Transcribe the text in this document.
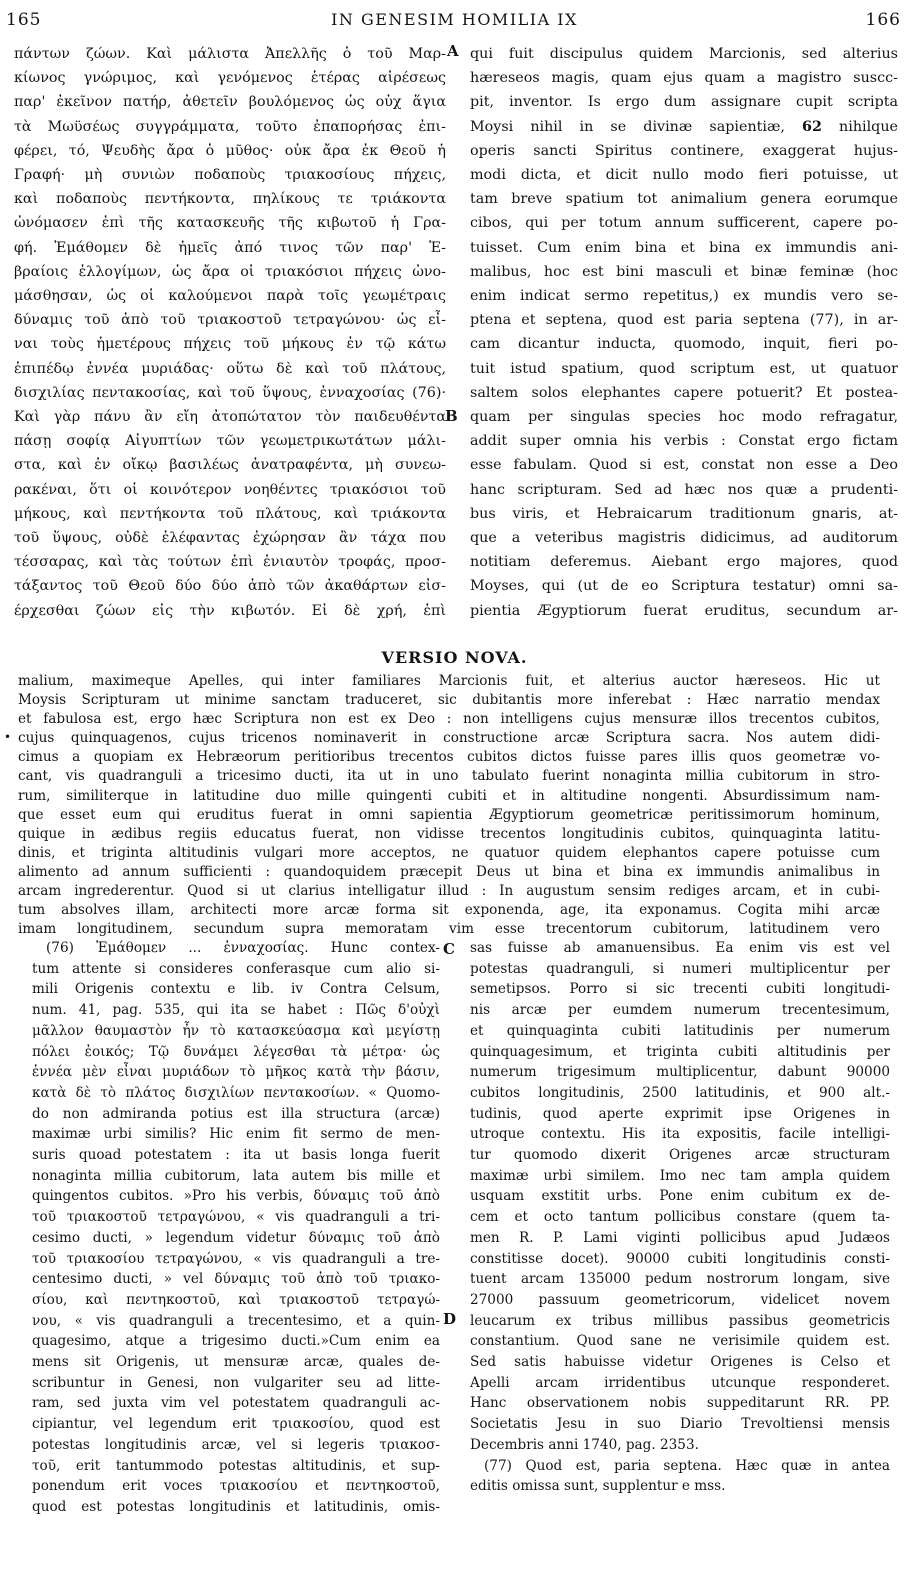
165	IN GENESIM HOMILIA IX	166

πάντων ζώων. Καὶ μάλιστα Ἀπελλῆς ὁ τοῦ Μαρ-

κίωνος γνώριμος, καὶ γενόμενος ἑτέρας αἱρέσεως

παρ' ἐκεῖνον πατήρ, ἀθετεῖν βουλόμενος ὡς οὐχ ἅγια

τὰ Μωϋσέως συγγράμματα, τοῦτο ἐπαπορήσας ἐπι-

φέρει, τό, Ψευδὴς ἄρα ὁ μῦθος· οὐκ ἄρα ἐκ Θεοῦ ἡ

Γραφή· μὴ συνιὼν ποδαποὺς τριακοσίους πήχεις,

καὶ ποδαποὺς πεντήκοντα, πηλίκους τε τριάκοντα

ὠνόμασεν ἐπὶ τῆς κατασκευῆς τῆς κιβωτοῦ ἡ Γρα-

φή. Ἐμάθομεν δὲ ἡμεῖς ἀπό τινος τῶν παρ' Ἑ-

βραίοις ἐλλογίμων, ὡς ἄρα οἱ τριακόσιοι πήχεις ὠνο-

μάσθησαν, ὡς οἱ καλούμενοι παρὰ τοῖς γεωμέτραις

δύναμις τοῦ ἀπὸ τοῦ τριακοστοῦ τετραγώνου· ὡς εἶ-

ναι τοὺς ἡμετέρους πήχεις τοῦ μήκους ἐν τῷ κάτω

ἐπιπέδῳ ἐννέα μυριάδας· οὕτω δὲ καὶ τοῦ πλάτους,

δισχιλίας πεντακοσίας, καὶ τοῦ ὕψους, ἐνναχοσίας (76)·

Καὶ γὰρ πάνυ ἂν εἴη ἀτοπώτατον τὸν παιδευθέντα

πάσῃ σοφίᾳ Αἰγυπτίων τῶν γεωμετρικωτάτων μάλι-

στα, καὶ ἐν οἴκῳ βασιλέως ἀνατραφέντα, μὴ συνεω-

ρακέναι, ὅτι οἱ κοινότερον νοηθέντες τριακόσιοι τοῦ

μήκους, καὶ πεντήκοντα τοῦ πλάτους, καὶ τριάκοντα

τοῦ ὕψους, οὐδὲ ἐλέφαντας ἐχώρησαν ἂν τάχα που

τέσσαρας, καὶ τὰς τούτων ἐπὶ ἐνιαυτὸν τροφάς, προσ-

τάξαντος τοῦ Θεοῦ δύο δύο ἀπὸ τῶν ἀκαθάρτων εἰσ-

έρχεσθαι ζώων εἰς τὴν κιβωτόν. Εἰ δὲ χρή, ἐπὶ

qui fuit discipulus quidem Marcionis, sed alterius

hæreseos magis, quam ejus quam a magistro suscc-

pit, inventor. Is ergo dum assignare cupit scripta

Moysi nihil in se divinæ sapientiæ, 62 nihilque

operis sancti Spiritus continere, exaggerat hujus-

modi dicta, et dicit nullo modo fieri potuisse, ut

tam breve spatium tot animalium genera eorumque

cibos, qui per totum annum sufficerent, capere po-

tuisset. Cum enim bina et bina ex immundis ani-

malibus, hoc est bini masculi et binæ feminæ (hoc

enim indicat sermo repetitus,) ex mundis vero se-

ptena et septena, quod est paria septena (77), in ar-

cam dicantur inducta, quomodo, inquit, fieri po-

tuit istud spatium, quod scriptum est, ut quatuor

saltem solos elephantes capere potuerit? Et postea-

quam per singulas species hoc modo refragatur,

addit super omnia his verbis : Constat ergo fictam

esse fabulam. Quod si est, constat non esse a Deo

hanc scripturam. Sed ad hæc nos quæ a prudenti-

bus viris, et Hebraicarum traditionum gnaris, at-

que a veteribus magistris didicimus, ad auditorum

notitiam deferemus. Aiebant ergo majores, quod

Moyses, qui (ut de eo Scriptura testatur) omni sa-

pientia Ægyptiorum fuerat eruditus, secundum ar-

A
B
VERSIO NOVA.
•

malium, maximeque Apelles, qui inter familiares Marcionis fuit, et alterius auctor hæreseos. Hic ut

Moysis Scripturam ut minime sanctam traduceret, sic dubitantis more inferebat : Hæc narratio mendax

et fabulosa est, ergo hæc Scriptura non est ex Deo : non intelligens cujus mensuræ illos trecentos cubitos,

cujus quinquagenos, cujus tricenos nominaverit in constructione arcæ Scriptura sacra. Nos autem didi-

cimus a quopiam ex Hebræorum peritioribus trecentos cubitos dictos fuisse pares illis quos geometræ vo-

cant, vis quadranguli a tricesimo ducti, ita ut in uno tabulato fuerint nonaginta millia cubitorum in stro-

rum, similiterque in latitudine duo mille quingenti cubiti et in altitudine nongenti. Absurdissimum nam-

que esset eum qui eruditus fuerat in omni sapientia Ægyptiorum geometricæ peritissimorum hominum,

quique in ædibus regiis educatus fuerat, non vidisse trecentos longitudinis cubitos, quinquaginta latitu-

dinis, et triginta altitudinis vulgari more acceptos, ne quatuor quidem elephantos capere potuisse cum

alimento ad annum sufficienti : quandoquidem præcepit Deus ut bina et bina ex immundis animalibus in

arcam ingrederentur. Quod si ut clarius intelligatur illud : In augustum sensim rediges arcam, et in cubi-

tum absolves illam, architecti more arcæ forma sit exponenda, age, ita exponamus. Cogita mihi arcæ

imam longitudinem, secundum supra memoratam vim esse trecentorum cubitorum, latitudinem vero

(76) Ἐμάθομεν ... ἐνναχοσίας. Hunc contex-

tum attente si consideres conferasque cum alio si-

mili Origenis contextu e lib. iv Contra Celsum,

num. 41, pag. 535, qui ita se habet : Πῶς δ'οὐχὶ

μᾶλλον θαυμαστὸν ἦν τὸ κατασκεύασμα καὶ μεγίστῃ

πόλει ἐοικός; Τῷ δυνάμει λέγεσθαι τὰ μέτρα· ὡς

ἐννέα μὲν εἶναι μυριάδων τὸ μῆκος κατὰ τὴν βάσιν,

κατὰ δὲ τὸ πλάτος δισχιλίων πεντακοσίων. « Quomo-

do non admiranda potius est illa structura (arcæ)

maximæ urbi similis? Hic enim fit sermo de men-

suris quoad potestatem : ita ut basis longa fuerit

nonaginta millia cubitorum, lata autem bis mille et

quingentos cubitos. »Pro his verbis, δύναμις τοῦ ἀπὸ

τοῦ τριακοστοῦ τετραγώνου, « vis quadranguli a tri-

cesimo ducti, » legendum videtur δύναμις τοῦ ἀπὸ

τοῦ τριακοσίου τετραγώνου, « vis quadranguli a tre-

centesimo ducti, » vel δύναμις τοῦ ἀπὸ τοῦ τριακο-

σίου, καὶ πεντηκοστοῦ, καὶ τριακοστοῦ τετραγώ-

νου, « vis quadranguli a trecentesimo, et a quin-

quagesimo, atque a trigesimo ducti.»Cum enim ea

mens sit Origenis, ut mensuræ arcæ, quales de-

scribuntur in Genesi, non vulgariter seu ad litte-

ram, sed juxta vim vel potestatem quadranguli ac-

cipiantur, vel legendum erit τριακοσίου, quod est

potestas longitudinis arcæ, vel si legeris τριακοσ-

τοῦ, erit tantummodo potestas altitudinis, et sup-

ponendum erit voces τριακοσίου et πεντηκοστοῦ,

quod est potestas longitudinis et latitudinis, omis-

C
D

sas fuisse ab amanuensibus. Ea enim vis est vel

potestas quadranguli, si numeri multiplicentur per

semetipsos. Porro si sic trecenti cubiti longitudi-

nis arcæ per eumdem numerum trecentesimum,

et quinquaginta cubiti latitudinis per numerum

quinquagesimum, et triginta cubiti altitudinis per

numerum trigesimum multiplicentur, dabunt 90000

cubitos longitudinis, 2500 latitudinis, et 900 alt.-

tudinis, quod aperte exprimit ipse Origenes in

utroque contextu. His ita expositis, facile intelligi-

tur quomodo dixerit Origenes arcæ structuram

maximæ urbi similem. Imo nec tam ampla quidem

usquam exstitit urbs. Pone enim cubitum ex de-

cem et octo tantum pollicibus constare (quem ta-

men R. P. Lami viginti pollicibus apud Judæos

constitisse docet). 90000 cubiti longitudinis consti-

tuent arcam 135000 pedum nostrorum longam, sive

27000 passuum geometricorum, videlicet novem

leucarum ex tribus millibus passibus geometricis

constantium. Quod sane ne verisimile quidem est.

Sed satis habuisse videtur Origenes is Celso et

Apelli arcam irridentibus utcunque responderet.

Hanc observationem nobis suppeditarunt RR. PP.

Societatis Jesu in suo Diario Trevoltiensi mensis

Decembris anni 1740, pag. 2353.

(77) Quod est, paria septena. Hæc quæ in antea

editis omissa sunt, supplentur e mss.
